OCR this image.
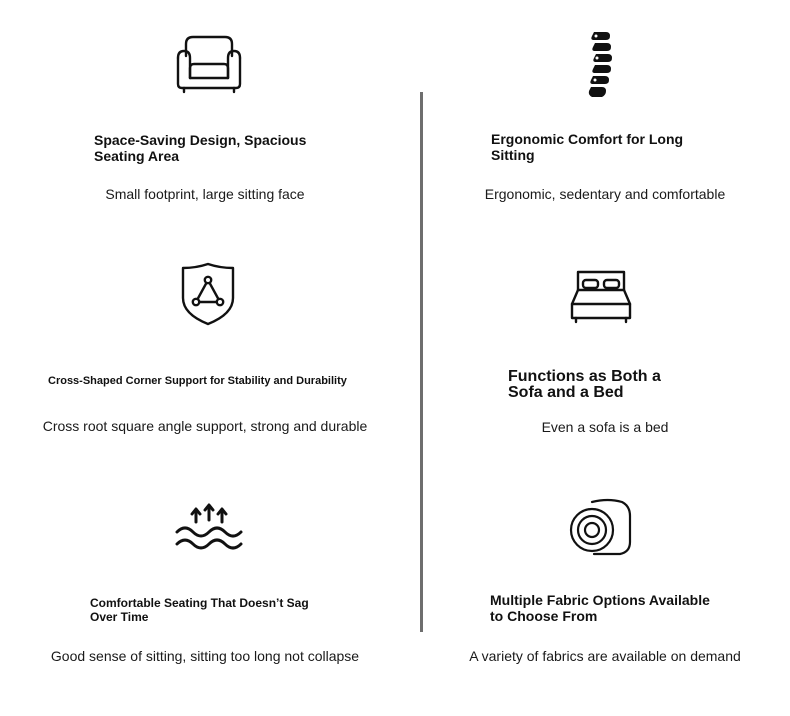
Space-Saving Design, Spacious
Seating Area

Small footprint, large sitting face

Ergonomic Comfort for Long
Sitting

Ergonomic, sedentary and comfortable

Cross-Shaped Corner Support for Stability and Durability

Cross root square angle support, strong and durable

Functions as Both a
Sofa and a Bed

Even a sofa is a bed

Comfortable Seating That Doesn’t Sag
Over Time

Good sense of sitting, sitting too long not collapse

Multiple Fabric Options Available
to Choose From

A variety of fabrics are available on demand
